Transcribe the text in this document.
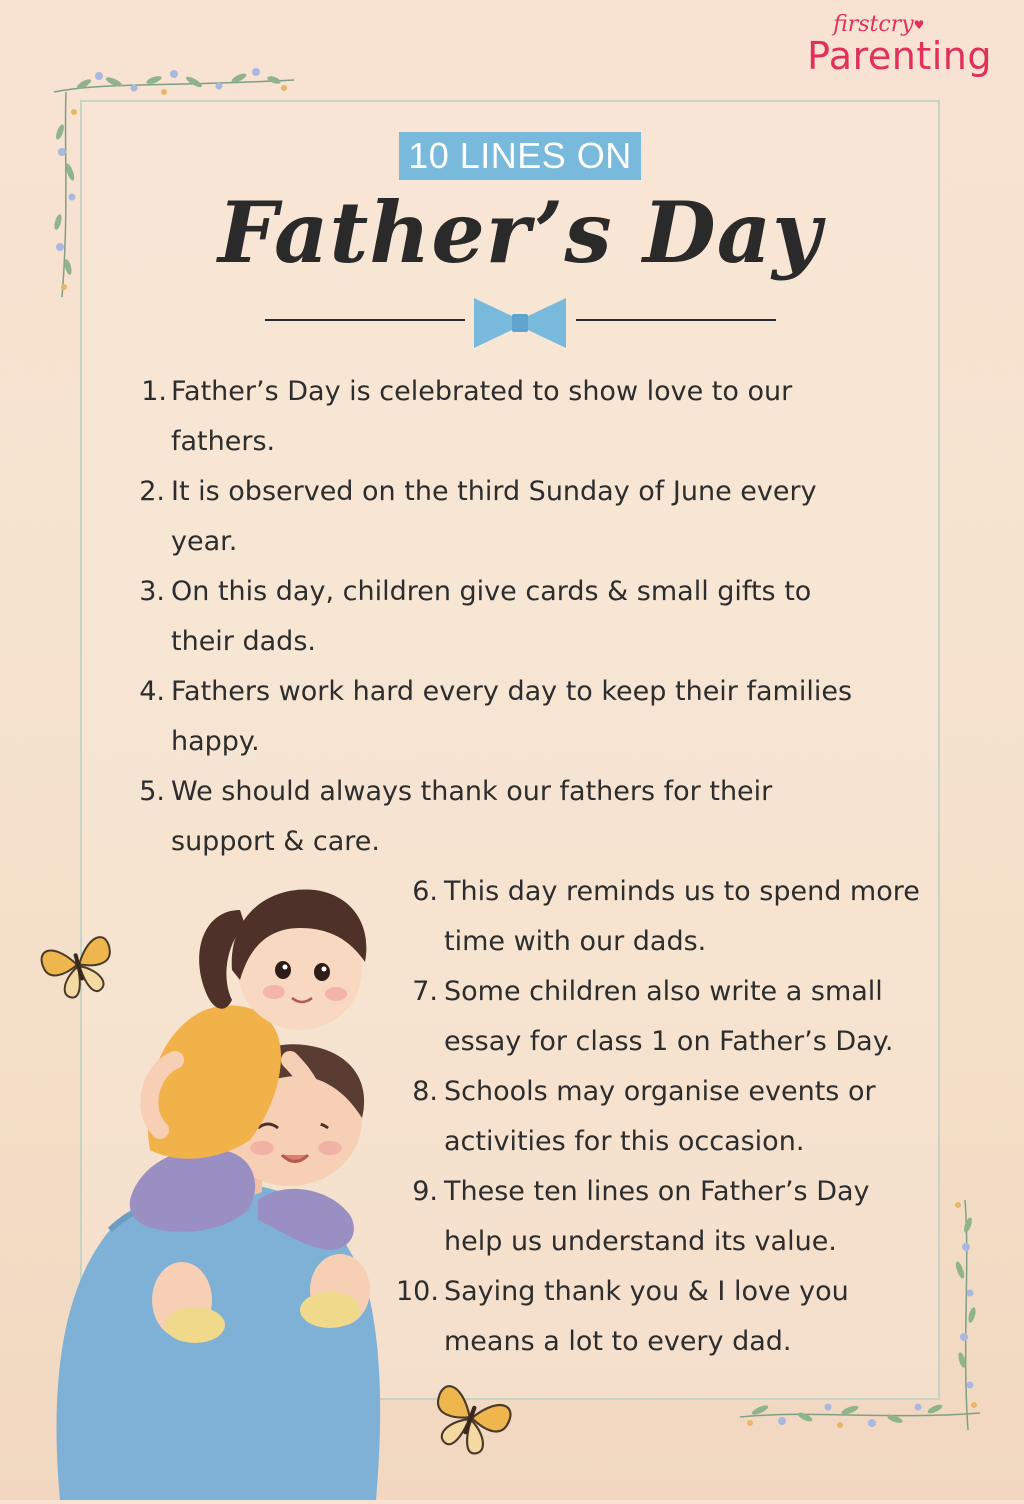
firstcry♥
Parenting
10 LINES ON
Father’s Day
1. Father’s Day is celebrated to show love to our fathers.
2. It is observed on the third Sunday of June every year.
3. On this day, children give cards & small gifts to their dads.
4. Fathers work hard every day to keep their families happy.
5. We should always thank our fathers for their support & care.
6. This day reminds us to spend more time with our dads.
7. Some children also write a small essay for class 1 on Father’s Day.
8. Schools may organise events or activities for this occasion.
9. These ten lines on Father’s Day help us understand its value.
10. Saying thank you & I love you means a lot to every dad.
